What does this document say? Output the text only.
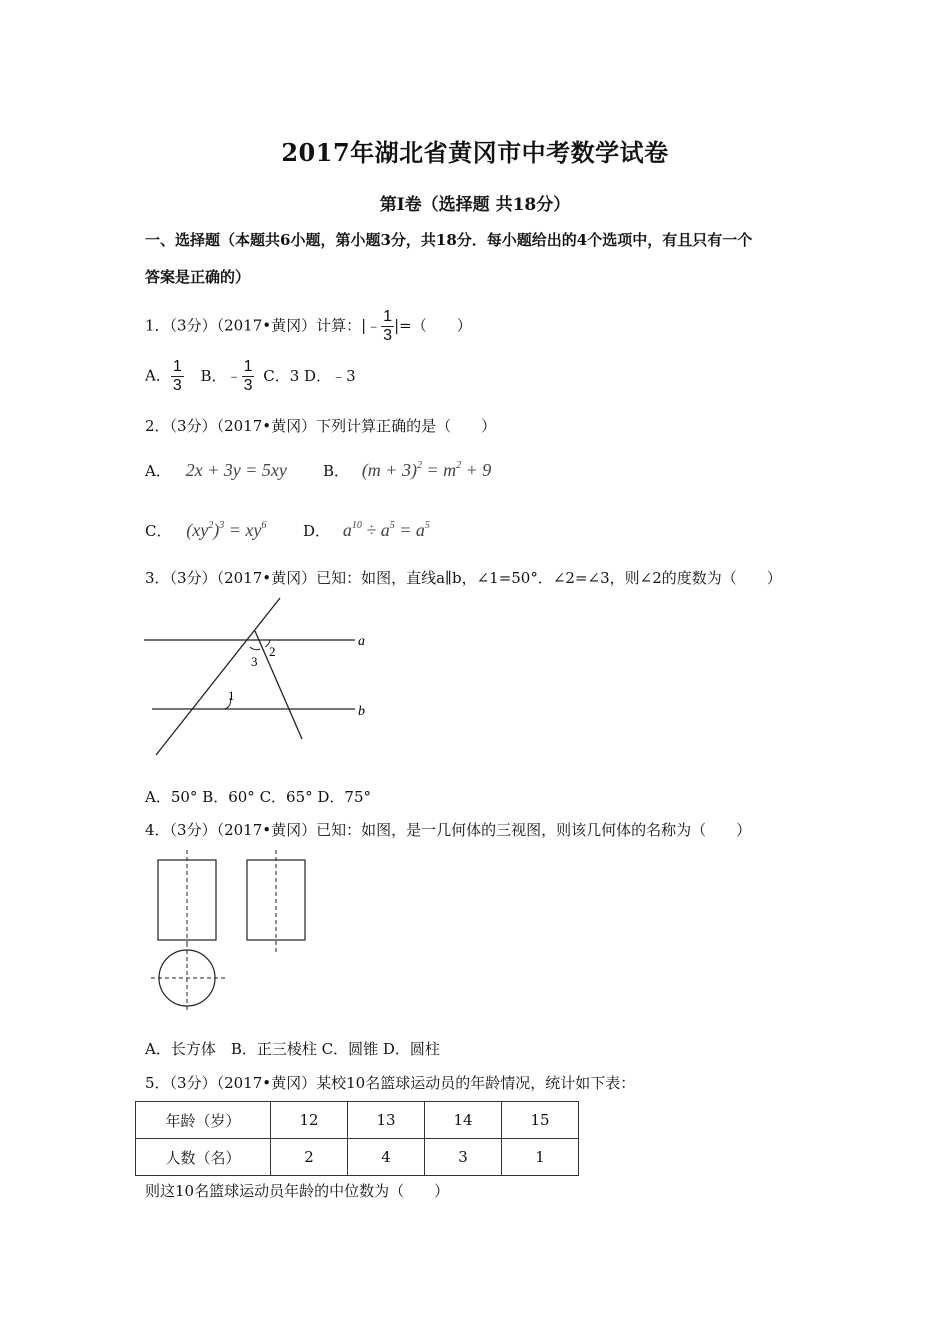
2017年湖北省黄冈市中考数学试卷
第Ⅰ卷（选择题 共18分）
一、选择题（本题共6小题，第小题3分，共18分．每小题给出的4个选项中，有且只有一个
答案是正确的）
1．（3分）（2017•黄冈）计算：|﹣ $\frac{1}{3}$ |=（　　）
A． $\frac{1}{3}$ B．﹣ $\frac{1}{3}$ C．3 D．﹣3
2．（3分）（2017•黄冈）下列计算正确的是（　　）
A． 2x + 3y = 5xy B． $(m + 3)^2 = m^2 + 9$
C． $(xy^2)^3 = xy^6$ D． $a^{10} \div a^5 = a^5$
3．（3分）（2017•黄冈）已知：如图，直线a∥b，∠1=50°．∠2=∠3，则∠2的度数为（　　）
a
b
1
2
3
A．50° B．60° C．65° D．75°
4．（3分）（2017•黄冈）已知：如图，是一几何体的三视图，则该几何体的名称为（　　）
A．长方体　B．正三棱柱 C．圆锥 D．圆柱
5．（3分）（2017•黄冈）某校10名篮球运动员的年龄情况，统计如下表：
年龄（岁）	12	13	14	15
人数（名）	2	4	3	1
则这10名篮球运动员年龄的中位数为（　　）
